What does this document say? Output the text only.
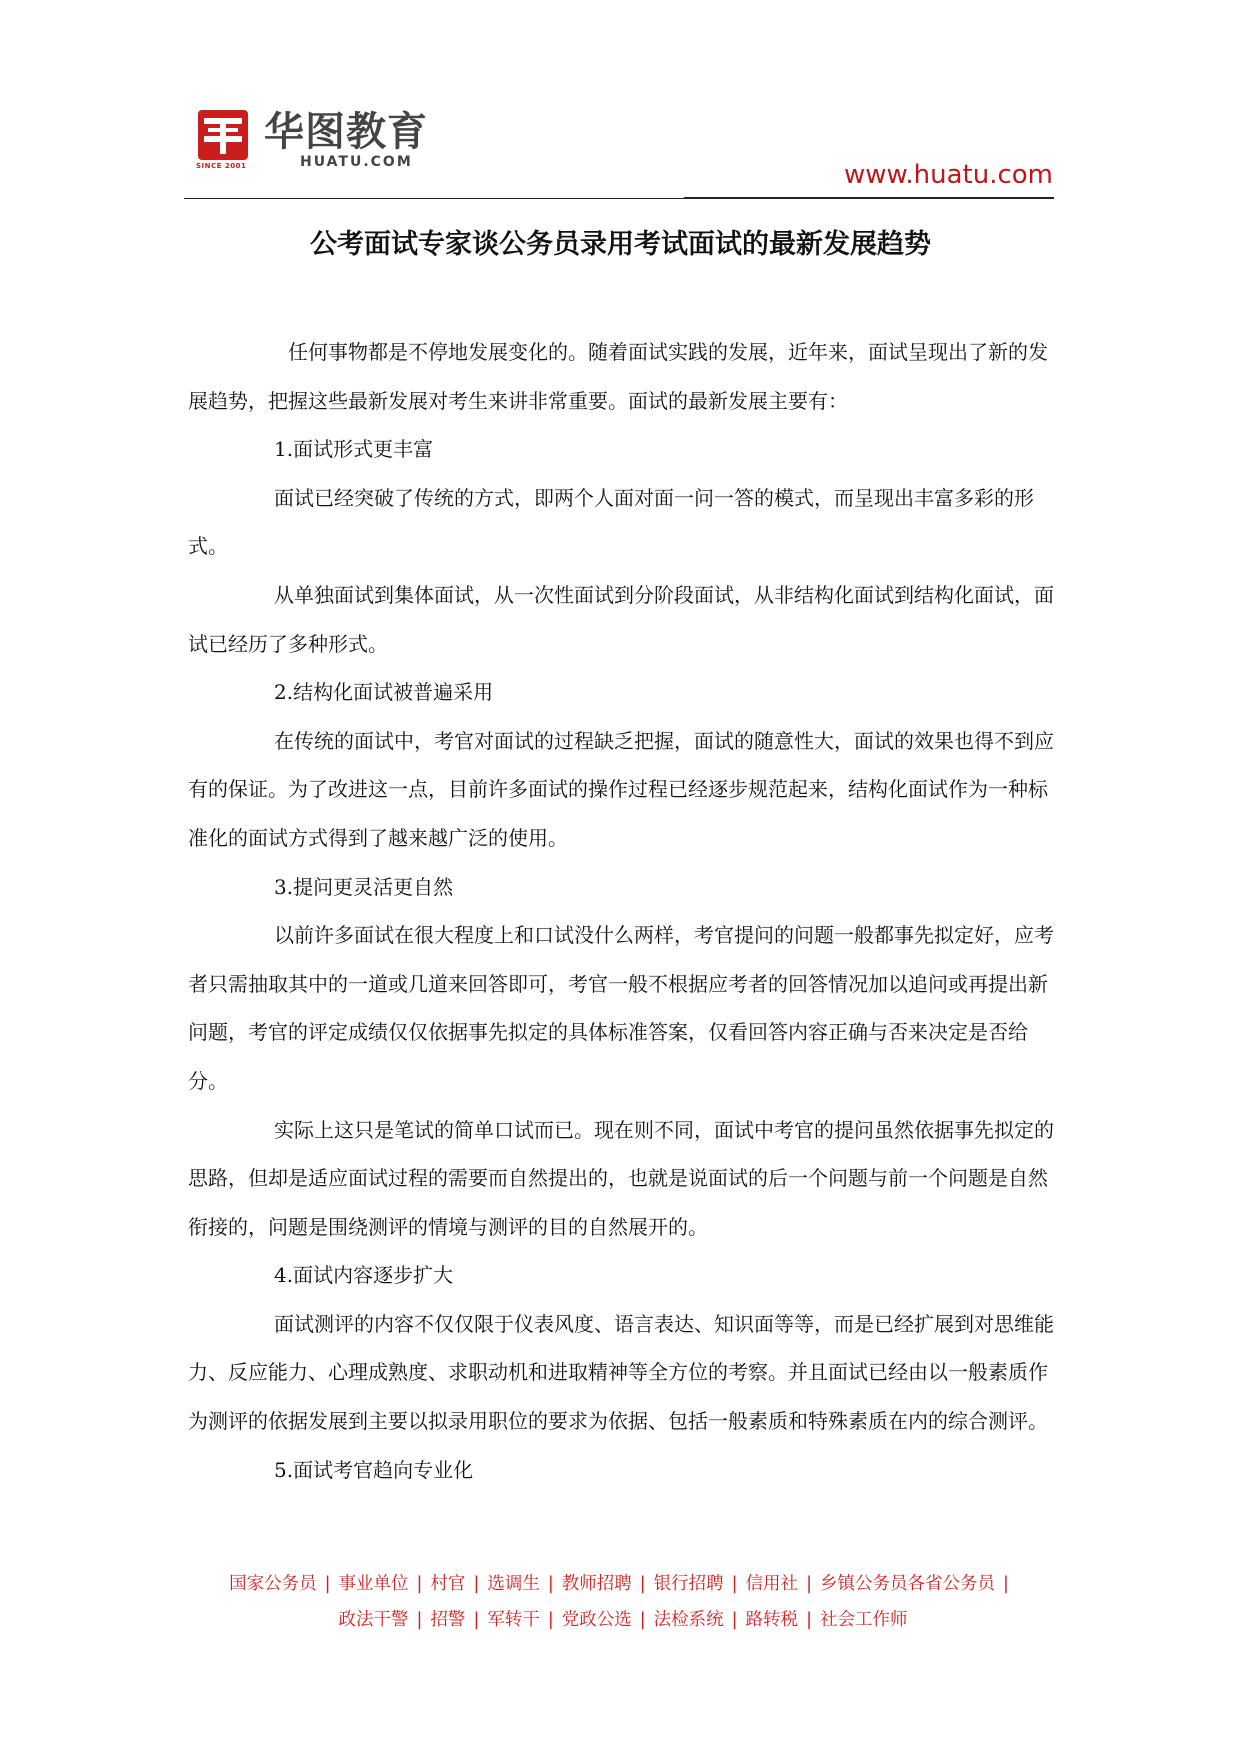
SINCE 2001
华图教育
HUATU.COM	www.huatu.com
公考面试专家谈公务员录用考试面试的最新发展趋势

任何事物都是不停地发展变化的。随着面试实践的发展，近年来，面试呈现出了新的发展趋势，把握这些最新发展对考生来讲非常重要。面试的最新发展主要有：

1.面试形式更丰富

面试已经突破了传统的方式，即两个人面对面一问一答的模式，而呈现出丰富多彩的形式。

从单独面试到集体面试，从一次性面试到分阶段面试，从非结构化面试到结构化面试，面试已经历了多种形式。

2.结构化面试被普遍采用

在传统的面试中，考官对面试的过程缺乏把握，面试的随意性大，面试的效果也得不到应有的保证。为了改进这一点，目前许多面试的操作过程已经逐步规范起来，结构化面试作为一种标准化的面试方式得到了越来越广泛的使用。

3.提问更灵活更自然

以前许多面试在很大程度上和口试没什么两样，考官提问的问题一般都事先拟定好，应考者只需抽取其中的一道或几道来回答即可，考官一般不根据应考者的回答情况加以追问或再提出新问题，考官的评定成绩仅仅依据事先拟定的具体标准答案，仅看回答内容正确与否来决定是否给分。

实际上这只是笔试的简单口试而已。现在则不同，面试中考官的提问虽然依据事先拟定的思路，但却是适应面试过程的需要而自然提出的，也就是说面试的后一个问题与前一个问题是自然衔接的，问题是围绕测评的情境与测评的目的自然展开的。

4.面试内容逐步扩大

面试测评的内容不仅仅限于仪表风度、语言表达、知识面等等，而是已经扩展到对思维能力、反应能力、心理成熟度、求职动机和进取精神等全方位的考察。并且面试已经由以一般素质作为测评的依据发展到主要以拟录用职位的要求为依据、包括一般素质和特殊素质在内的综合测评。

5.面试考官趋向专业化

国家公务员 | 事业单位 | 村官 | 选调生 | 教师招聘 | 银行招聘 | 信用社 | 乡镇公务员各省公务员 |
政法干警 | 招警 | 军转干 | 党政公选 | 法检系统 | 路转税 | 社会工作师
